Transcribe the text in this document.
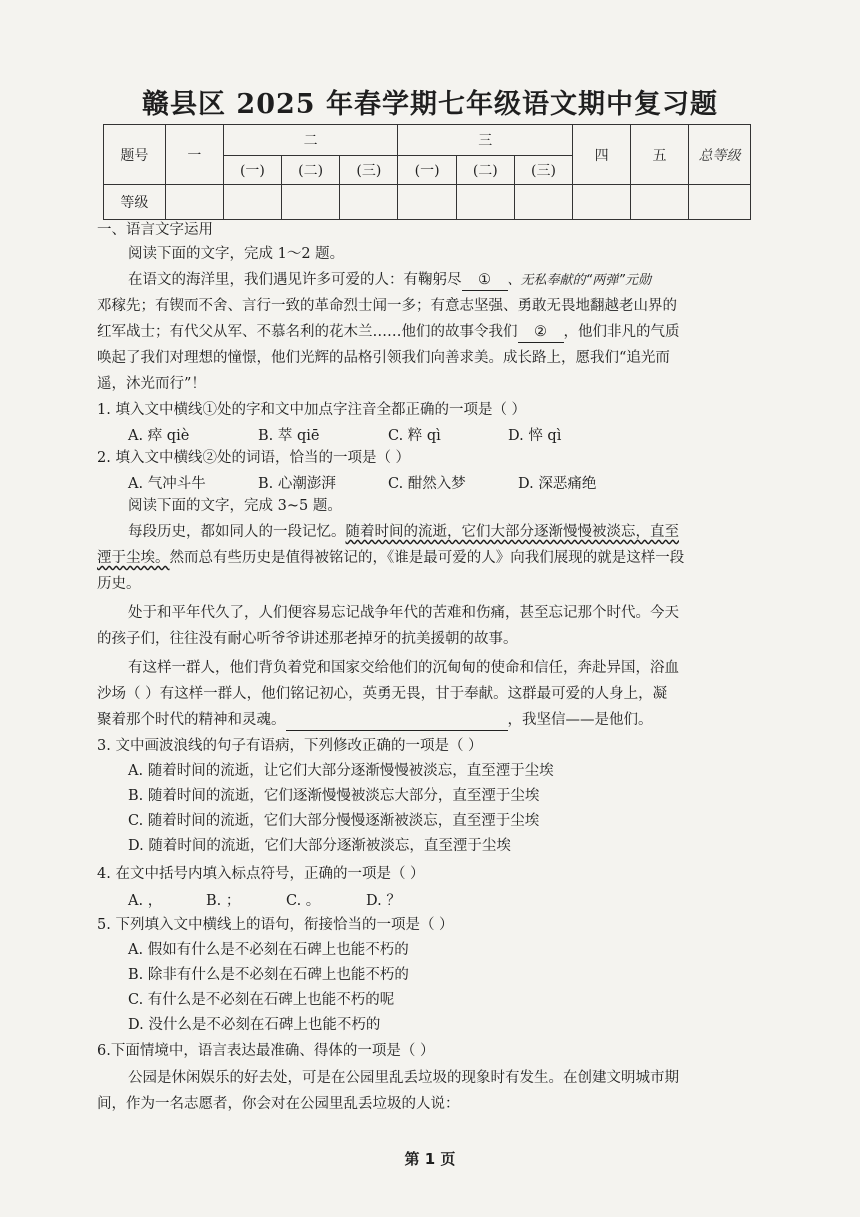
赣县区 2025 年春学期七年级语文期中复习题
题号	一	二			三			四	五	总等级
		(一)	(二)	(三)	(一)	(二)	(三)			
等级										
一、语言文字运用
阅读下面的文字，完成 1～2 题。
在语文的海洋里，我们遇见许多可爱的人：有鞠躬尽 ① 、无私奉献的“两弹”元勋
邓稼先；有锲而不舍、言行一致的革命烈士闻一多；有意志坚强、勇敢无畏地翻越老山界的
红军战士；有代父从军、不慕名利的花木兰……他们的故事令我们 ② ，他们非凡的气质
唤起了我们对理想的憧憬，他们光辉的品格引领我们向善求美。成长路上，愿我们“追光而
遥，沐光而行”！
1. 填入文中横线①处的字和文中加点字注音全都正确的一项是（ ）
A. 瘁 qiè	B. 萃 qiē	C. 粹 qì	D. 悴 qì
2. 填入文中横线②处的词语，恰当的一项是（ ）
A. 气冲斗牛	B. 心潮澎湃	C. 酣然入梦	D. 深恶痛绝
阅读下面的文字，完成 3~5 题。
每段历史，都如同人的一段记忆。随着时间的流逝，它们大部分逐渐慢慢被淡忘，直至
湮于尘埃。然而总有些历史是值得被铭记的，《谁是最可爱的人》向我们展现的就是这样一段
历史。
处于和平年代久了，人们便容易忘记战争年代的苦难和伤痛，甚至忘记那个时代。今天
的孩子们，往往没有耐心听爷爷讲述那老掉牙的抗美援朝的故事。
有这样一群人，他们背负着党和国家交给他们的沉甸甸的使命和信任，奔赴异国，浴血
沙场（ ）有这样一群人，他们铭记初心，英勇无畏，甘于奉献。这群最可爱的人身上，凝
聚着那个时代的精神和灵魂。	，我坚信——是他们。
3. 文中画波浪线的句子有语病，下列修改正确的一项是（ ）
A. 随着时间的流逝，让它们大部分逐渐慢慢被淡忘，直至湮于尘埃
B. 随着时间的流逝，它们逐渐慢慢被淡忘大部分，直至湮于尘埃
C. 随着时间的流逝，它们大部分慢慢逐渐被淡忘，直至湮于尘埃
D. 随着时间的流逝，它们大部分逐渐被淡忘，直至湮于尘埃
4. 在文中括号内填入标点符号，正确的一项是（ ）
A. ，	B. ；	C. 。	D. ？
5. 下列填入文中横线上的语句，衔接恰当的一项是（ ）
A. 假如有什么是不必刻在石碑上也能不朽的
B. 除非有什么是不必刻在石碑上也能不朽的
C. 有什么是不必刻在石碑上也能不朽的呢
D. 没什么是不必刻在石碑上也能不朽的
6.下面情境中，语言表达最准确、得体的一项是（ ）
公园是休闲娱乐的好去处，可是在公园里乱丢垃圾的现象时有发生。在创建文明城市期
间，作为一名志愿者，你会对在公园里乱丢垃圾的人说：
第 1 页
